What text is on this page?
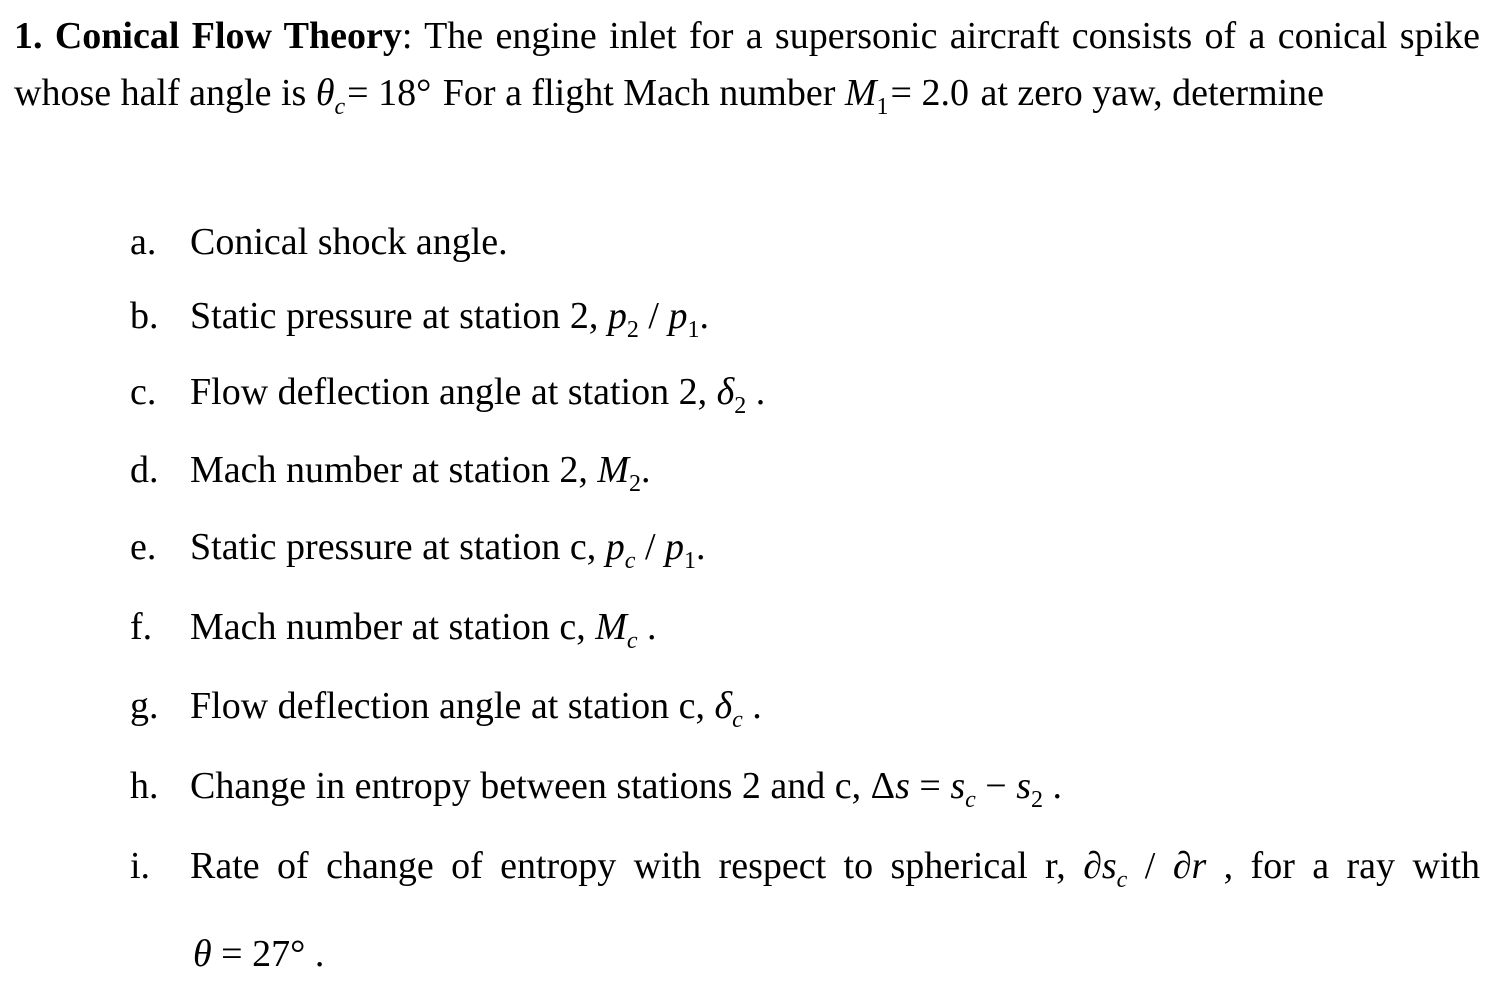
1. Conical Flow Theory: The engine inlet for a supersonic aircraft consists of a conical spike whose half angle is $\theta_c= 18^\circ$ For a flight Mach number $M_1= 2.0$ at zero yaw, determine
a. Conical shock angle.
b. Static pressure at station 2, $p_2 / p_1$.
c. Flow deflection angle at station 2, $\delta_2$ .
d. Mach number at station 2, $M_2$.
e. Static pressure at station c, $p_c / p_1$.
f. Mach number at station c, $M_c$ .
g. Flow deflection angle at station c, $\delta_c$ .
h. Change in entropy between stations 2 and c, $\Delta s = s_c - s_2$ .
i. Rate of change of entropy with respect to spherical r, $\partial s_c / \partial r$ , for a ray with
θ = 27° .
